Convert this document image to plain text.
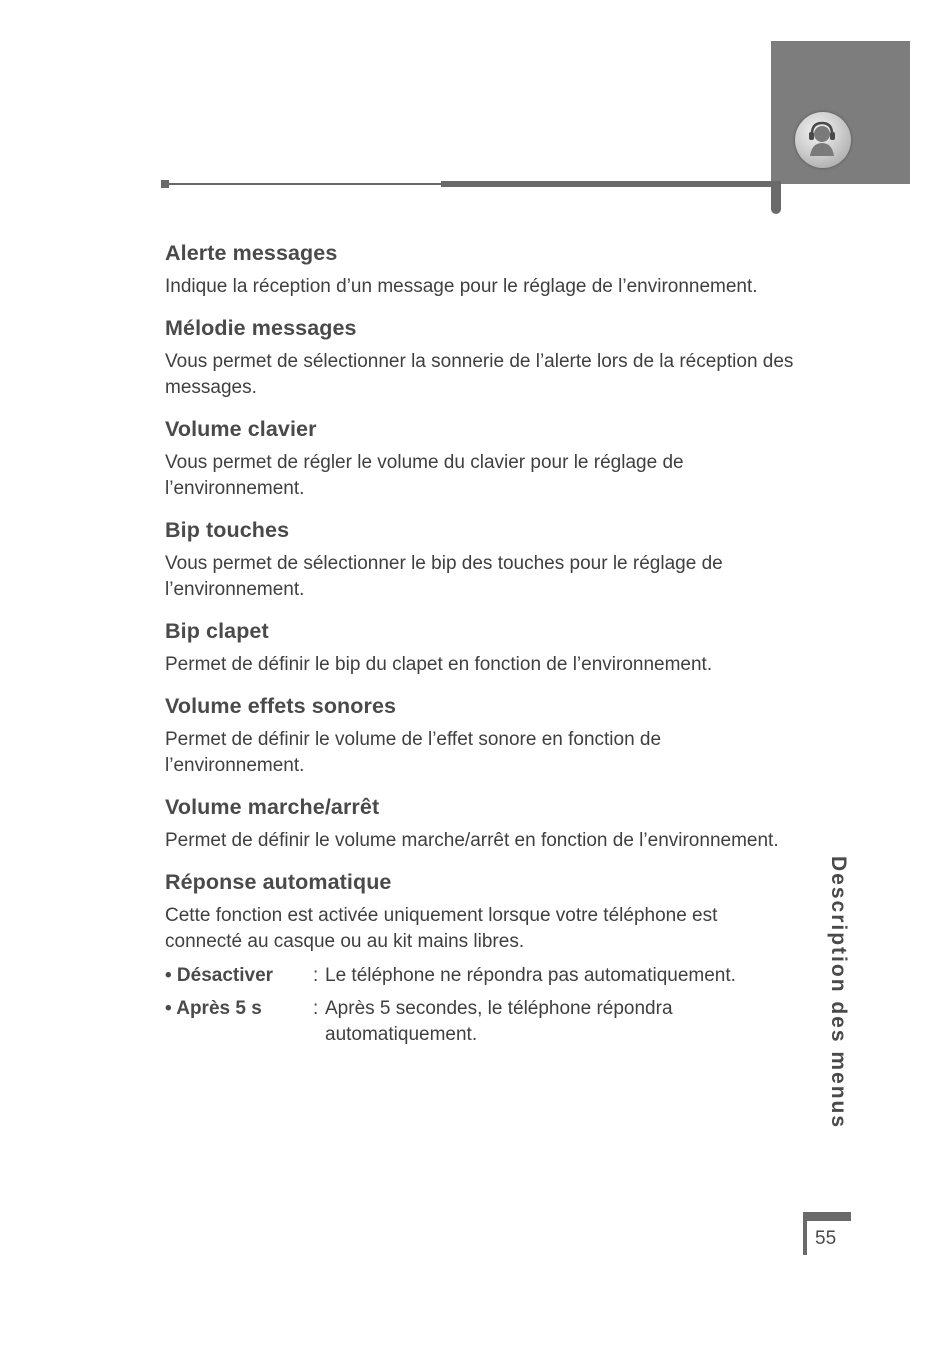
Alerte messages

Indique la réception d’un message pour le réglage de l’environnement.

Mélodie messages

Vous permet de sélectionner la sonnerie de l’alerte lors de la réception des messages.

Volume clavier

Vous permet de régler le volume du clavier pour le réglage de l’environnement.

Bip touches

Vous permet de sélectionner le bip des touches pour le réglage de l’environnement.

Bip clapet

Permet de définir le bip du clapet en fonction de l’environnement.

Volume effets sonores

Permet de définir le volume de l’effet sonore en fonction de l’environnement.

Volume marche/arrêt

Permet de définir le volume marche/arrêt en fonction de l’environnement.

Réponse automatique

Cette fonction est activée uniquement lorsque votre téléphone est connecté au casque ou au kit mains libres.

• Désactiver	: Le téléphone ne répondra pas automatiquement.
• Après 5 s	: Après 5 secondes, le téléphone répondra automatiquement.	Description des menus
55
